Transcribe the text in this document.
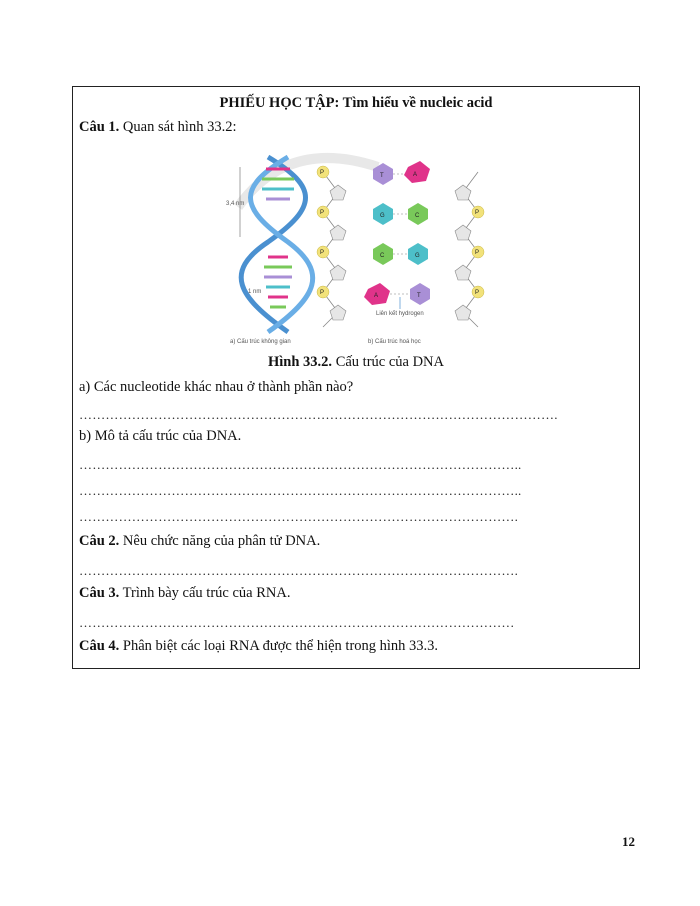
PHIẾU HỌC TẬP: Tìm hiểu về nucleic acid
Câu 1. Quan sát hình 33.2:
3,4 nm
1 nm
a) Cấu trúc không gian
P
P
P
P
P
P
P
T	A
G	C
C	G
A	T
Liên kết hydrogen
b) Cấu trúc hoá học
Hình 33.2. Cấu trúc của DNA
a) Các nucleotide khác nhau ở thành phần nào?
……………………………………………………………………………………………….
b) Mô tả cấu trúc của DNA.
………………………………………………………………………………………..
………………………………………………………………………………………..
……………………………………………………………………………………….
Câu 2. Nêu chức năng của phân tử DNA.
……………………………………………………………………………………….
Câu 3. Trình bày cấu trúc của RNA.
………………………………………………………………………………………
Câu 4. Phân biệt các loại RNA được thể hiện trong hình 33.3.
12
